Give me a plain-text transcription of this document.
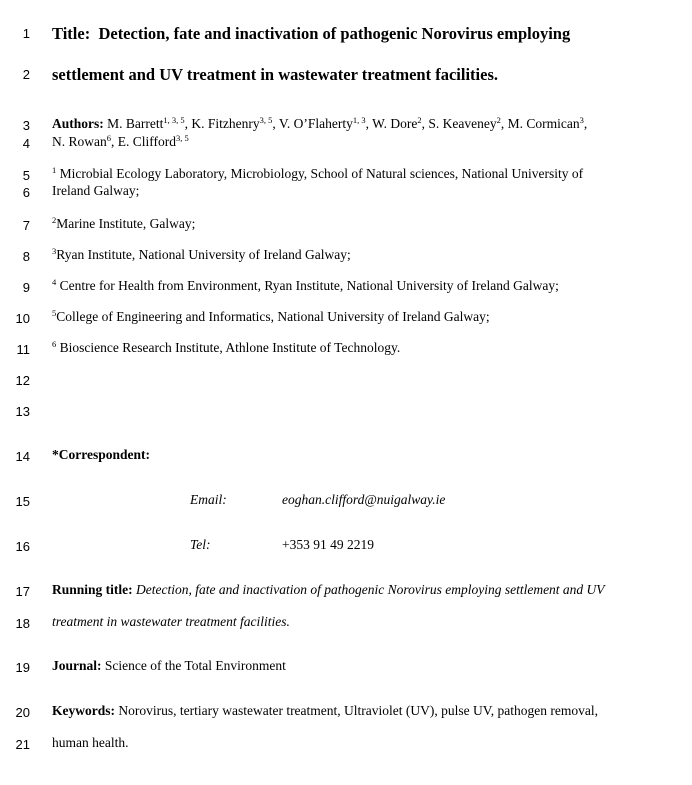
1
2
3
4
5
6
7
8
9
10
11
12
13
14
15
16
17
18
19
20
21
Title: Detection, fate and inactivation of pathogenic Norovirus employing
settlement and UV treatment in wastewater treatment facilities.
Authors: M. Barrett$^{1, 3, 5}$, K. Fitzhenry$^{3, 5}$, V. O’Flaherty$^{1, 3}$, W. Dore$^2$, S. Keaveney$^2$, M. Cormican$^3$,
N. Rowan$^6$, E. Clifford$^{3, 5}$
$^1$ Microbial Ecology Laboratory, Microbiology, School of Natural sciences, National University of
Ireland Galway;
$^2$Marine Institute, Galway;
$^3$Ryan Institute, National University of Ireland Galway;
$^4$ Centre for Health from Environment, Ryan Institute, National University of Ireland Galway;
$^5$College of Engineering and Informatics, National University of Ireland Galway;
$^6$ Bioscience Research Institute, Athlone Institute of Technology.
*Correspondent:
Email:	eoghan.clifford@nuigalway.ie
Tel:	+353 91 49 2219
Running title: Detection, fate and inactivation of pathogenic Norovirus employing settlement and UV
treatment in wastewater treatment facilities.
Journal: Science of the Total Environment
Keywords: Norovirus, tertiary wastewater treatment, Ultraviolet (UV), pulse UV, pathogen removal,
human health.
